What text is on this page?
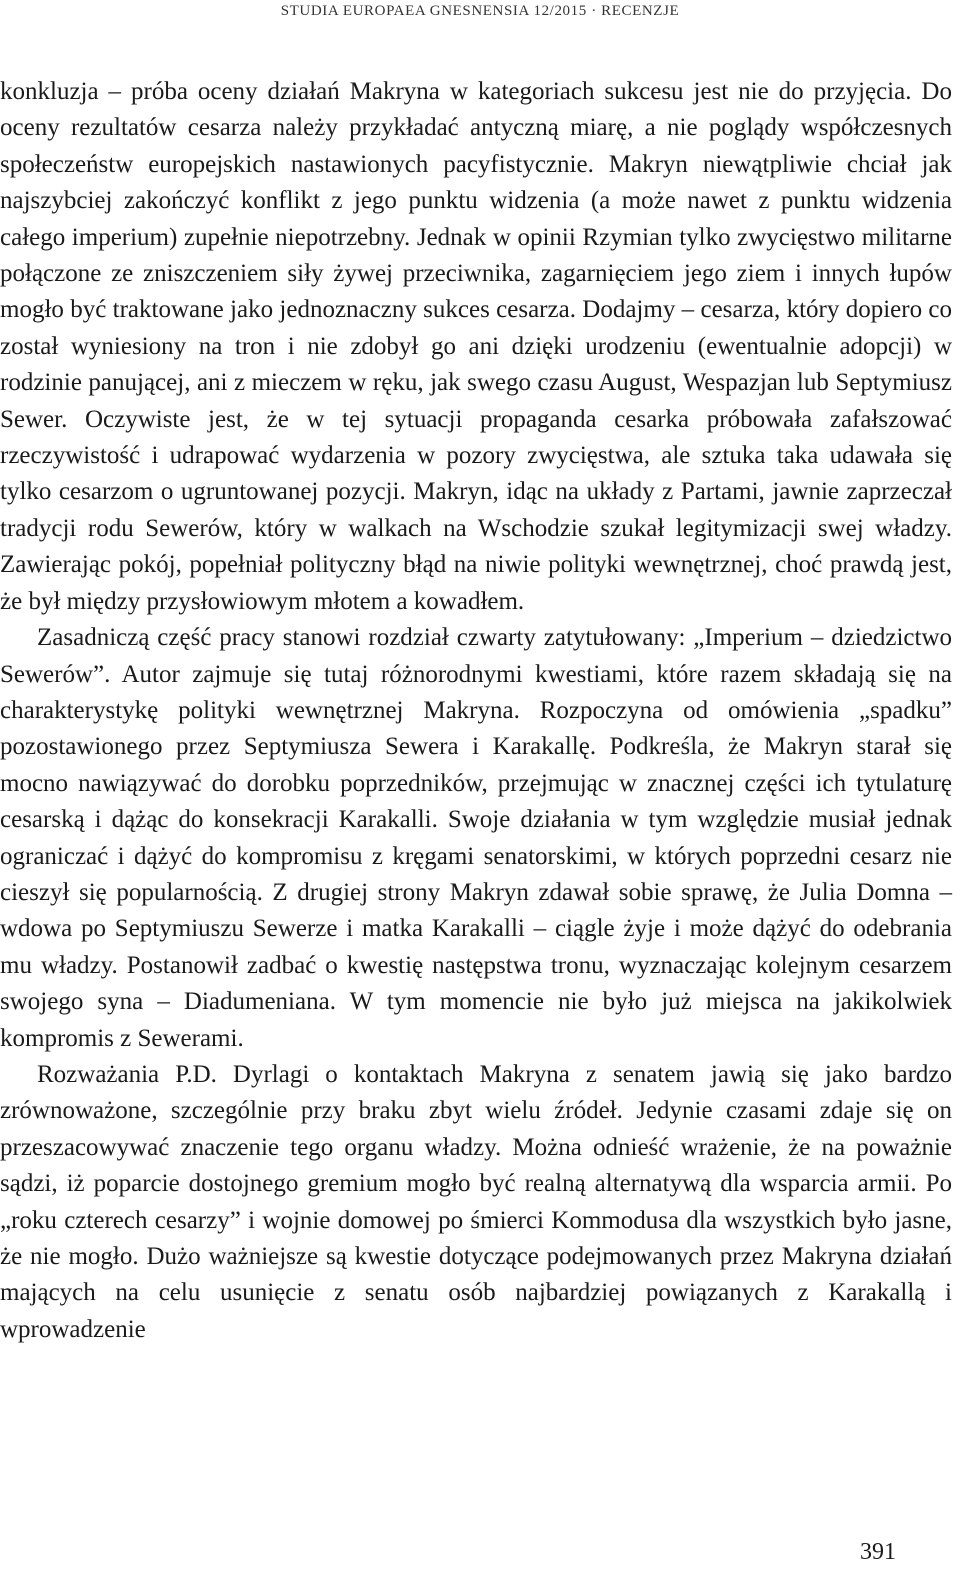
STUDIA EUROPAEA GNESNENSIA 12/2015 · RECENZJE

konkluzja – próba oceny działań Makryna w kategoriach sukcesu jest nie do przyjęcia. Do oceny rezultatów cesarza należy przykładać antyczną miarę, a nie poglądy współczesnych społeczeństw europejskich nastawionych pacyfistycznie. Makryn niewątpliwie chciał jak najszybciej zakończyć konflikt z jego punktu widzenia (a może nawet z punktu widzenia całego imperium) zupełnie niepotrzebny. Jednak w opinii Rzymian tylko zwycięstwo militarne połączone ze zniszczeniem siły żywej przeciwnika, zagarnięciem jego ziem i innych łupów mogło być traktowane jako jednoznaczny sukces cesarza. Dodajmy – cesarza, który dopiero co został wyniesiony na tron i nie zdobył go ani dzięki urodzeniu (ewentualnie adopcji) w rodzinie panującej, ani z mieczem w ręku, jak swego czasu August, Wespazjan lub Septymiusz Sewer. Oczywiste jest, że w tej sytuacji propaganda cesarka próbowała zafałszować rzeczywistość i udrapować wydarzenia w pozory zwycięstwa, ale sztuka taka udawała się tylko cesarzom o ugruntowanej pozycji. Makryn, idąc na układy z Partami, jawnie zaprzeczał tradycji rodu Sewerów, który w walkach na Wschodzie szukał legitymizacji swej władzy. Zawierając pokój, popełniał polityczny błąd na niwie polityki wewnętrznej, choć prawdą jest, że był między przysłowiowym młotem a kowadłem.

Zasadniczą część pracy stanowi rozdział czwarty zatytułowany: „Imperium – dziedzictwo Sewerów”. Autor zajmuje się tutaj różnorodnymi kwestiami, które razem składają się na charakterystykę polityki wewnętrznej Makryna. Rozpoczyna od omówienia „spadku” pozostawionego przez Septymiusza Sewera i Karakallę. Podkreśla, że Makryn starał się mocno nawiązywać do dorobku poprzedników, przejmując w znacznej części ich tytulaturę cesarską i dążąc do konsekracji Karakalli. Swoje działania w tym względzie musiał jednak ograniczać i dążyć do kompromisu z kręgami senatorskimi, w których poprzedni cesarz nie cieszył się popularnością. Z drugiej strony Makryn zdawał sobie sprawę, że Julia Domna – wdowa po Septymiuszu Sewerze i matka Karakalli – ciągle żyje i może dążyć do odebrania mu władzy. Postanowił zadbać o kwestię następstwa tronu, wyznaczając kolejnym cesarzem swojego syna – Diadumeniana. W tym momencie nie było już miejsca na jakikolwiek kompromis z Sewerami.

Rozważania P.D. Dyrlagi o kontaktach Makryna z senatem jawią się jako bardzo zrównoważone, szczególnie przy braku zbyt wielu źródeł. Jedynie czasami zdaje się on przeszacowywać znaczenie tego organu władzy. Można odnieść wrażenie, że na poważnie sądzi, iż poparcie dostojnego gremium mogło być realną alternatywą dla wsparcia armii. Po „roku czterech cesarzy” i wojnie domowej po śmierci Kommodusa dla wszystkich było jasne, że nie mogło. Dużo ważniejsze są kwestie dotyczące podejmowanych przez Makryna działań mających na celu usunięcie z senatu osób najbardziej powiązanych z Karakallą i wprowadzenie

391
